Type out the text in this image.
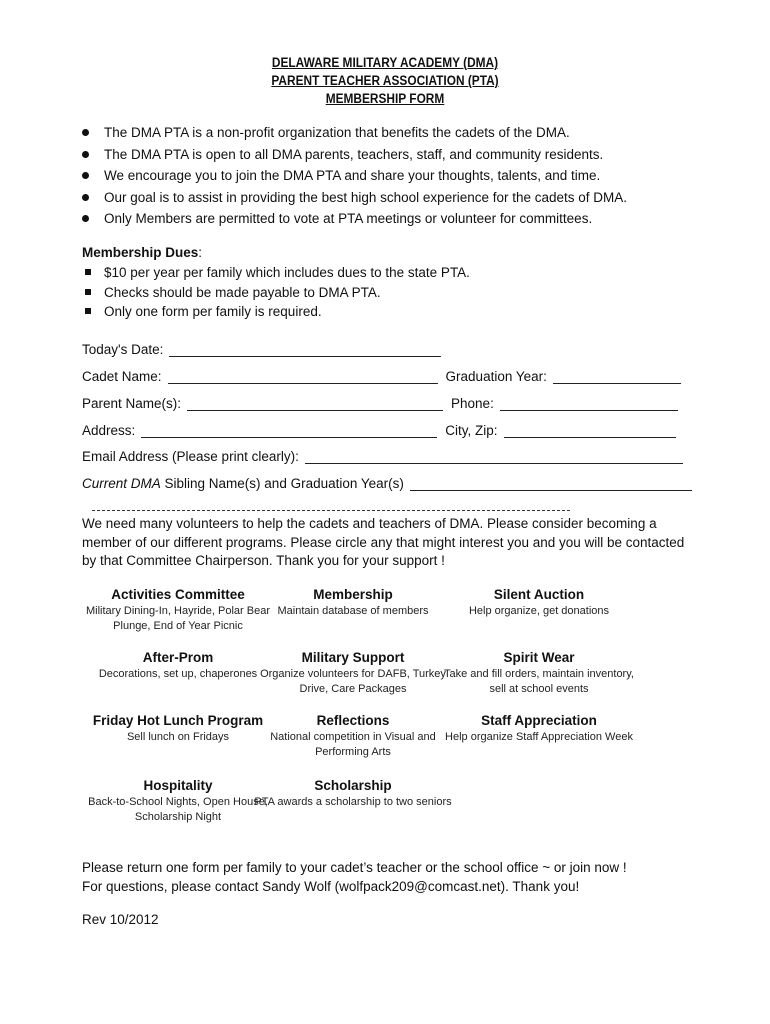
DELAWARE MILITARY ACADEMY (DMA)
PARENT TEACHER ASSOCIATION (PTA)
MEMBERSHIP FORM
The DMA PTA is a non-profit organization that benefits the cadets of the DMA.
The DMA PTA is open to all DMA parents, teachers, staff, and community residents.
We encourage you to join the DMA PTA and share your thoughts, talents, and time.
Our goal is to assist in providing the best high school experience for the cadets of DMA.
Only Members are permitted to vote at PTA meetings or volunteer for committees.
Membership Dues:
$10 per year per family which includes dues to the state PTA.
Checks should be made payable to DMA PTA.
Only one form per family is required.
Today's Date:
Cadet Name:	Graduation Year:
Parent Name(s):	Phone:
Address:	City, Zip:
Email Address (Please print clearly):
Current DMA Sibling Name(s) and Graduation Year(s)
We need many volunteers to help the cadets and teachers of DMA. Please consider becoming a member of our different programs. Please circle any that might interest you and you will be contacted by that Committee Chairperson. Thank you for your support !
Activities Committee
Military Dining-In, Hayride, Polar Bear Plunge, End of Year Picnic
Membership
Maintain database of members
Silent Auction
Help organize, get donations
After-Prom
Decorations, set up, chaperones
Military Support
Organize volunteers for DAFB, Turkey Drive, Care Packages
Spirit Wear
Take and fill orders, maintain inventory, sell at school events
Friday Hot Lunch Program
Sell lunch on Fridays
Reflections
National competition in Visual and Performing Arts
Staff Appreciation
Help organize Staff Appreciation Week
Hospitality
Back-to-School Nights, Open House, Scholarship Night
Scholarship
PTA awards a scholarship to two seniors
Please return one form per family to your cadet’s teacher or the school office ~ or join now !
For questions, please contact Sandy Wolf (wolfpack209@comcast.net). Thank you!
Rev 10/2012
